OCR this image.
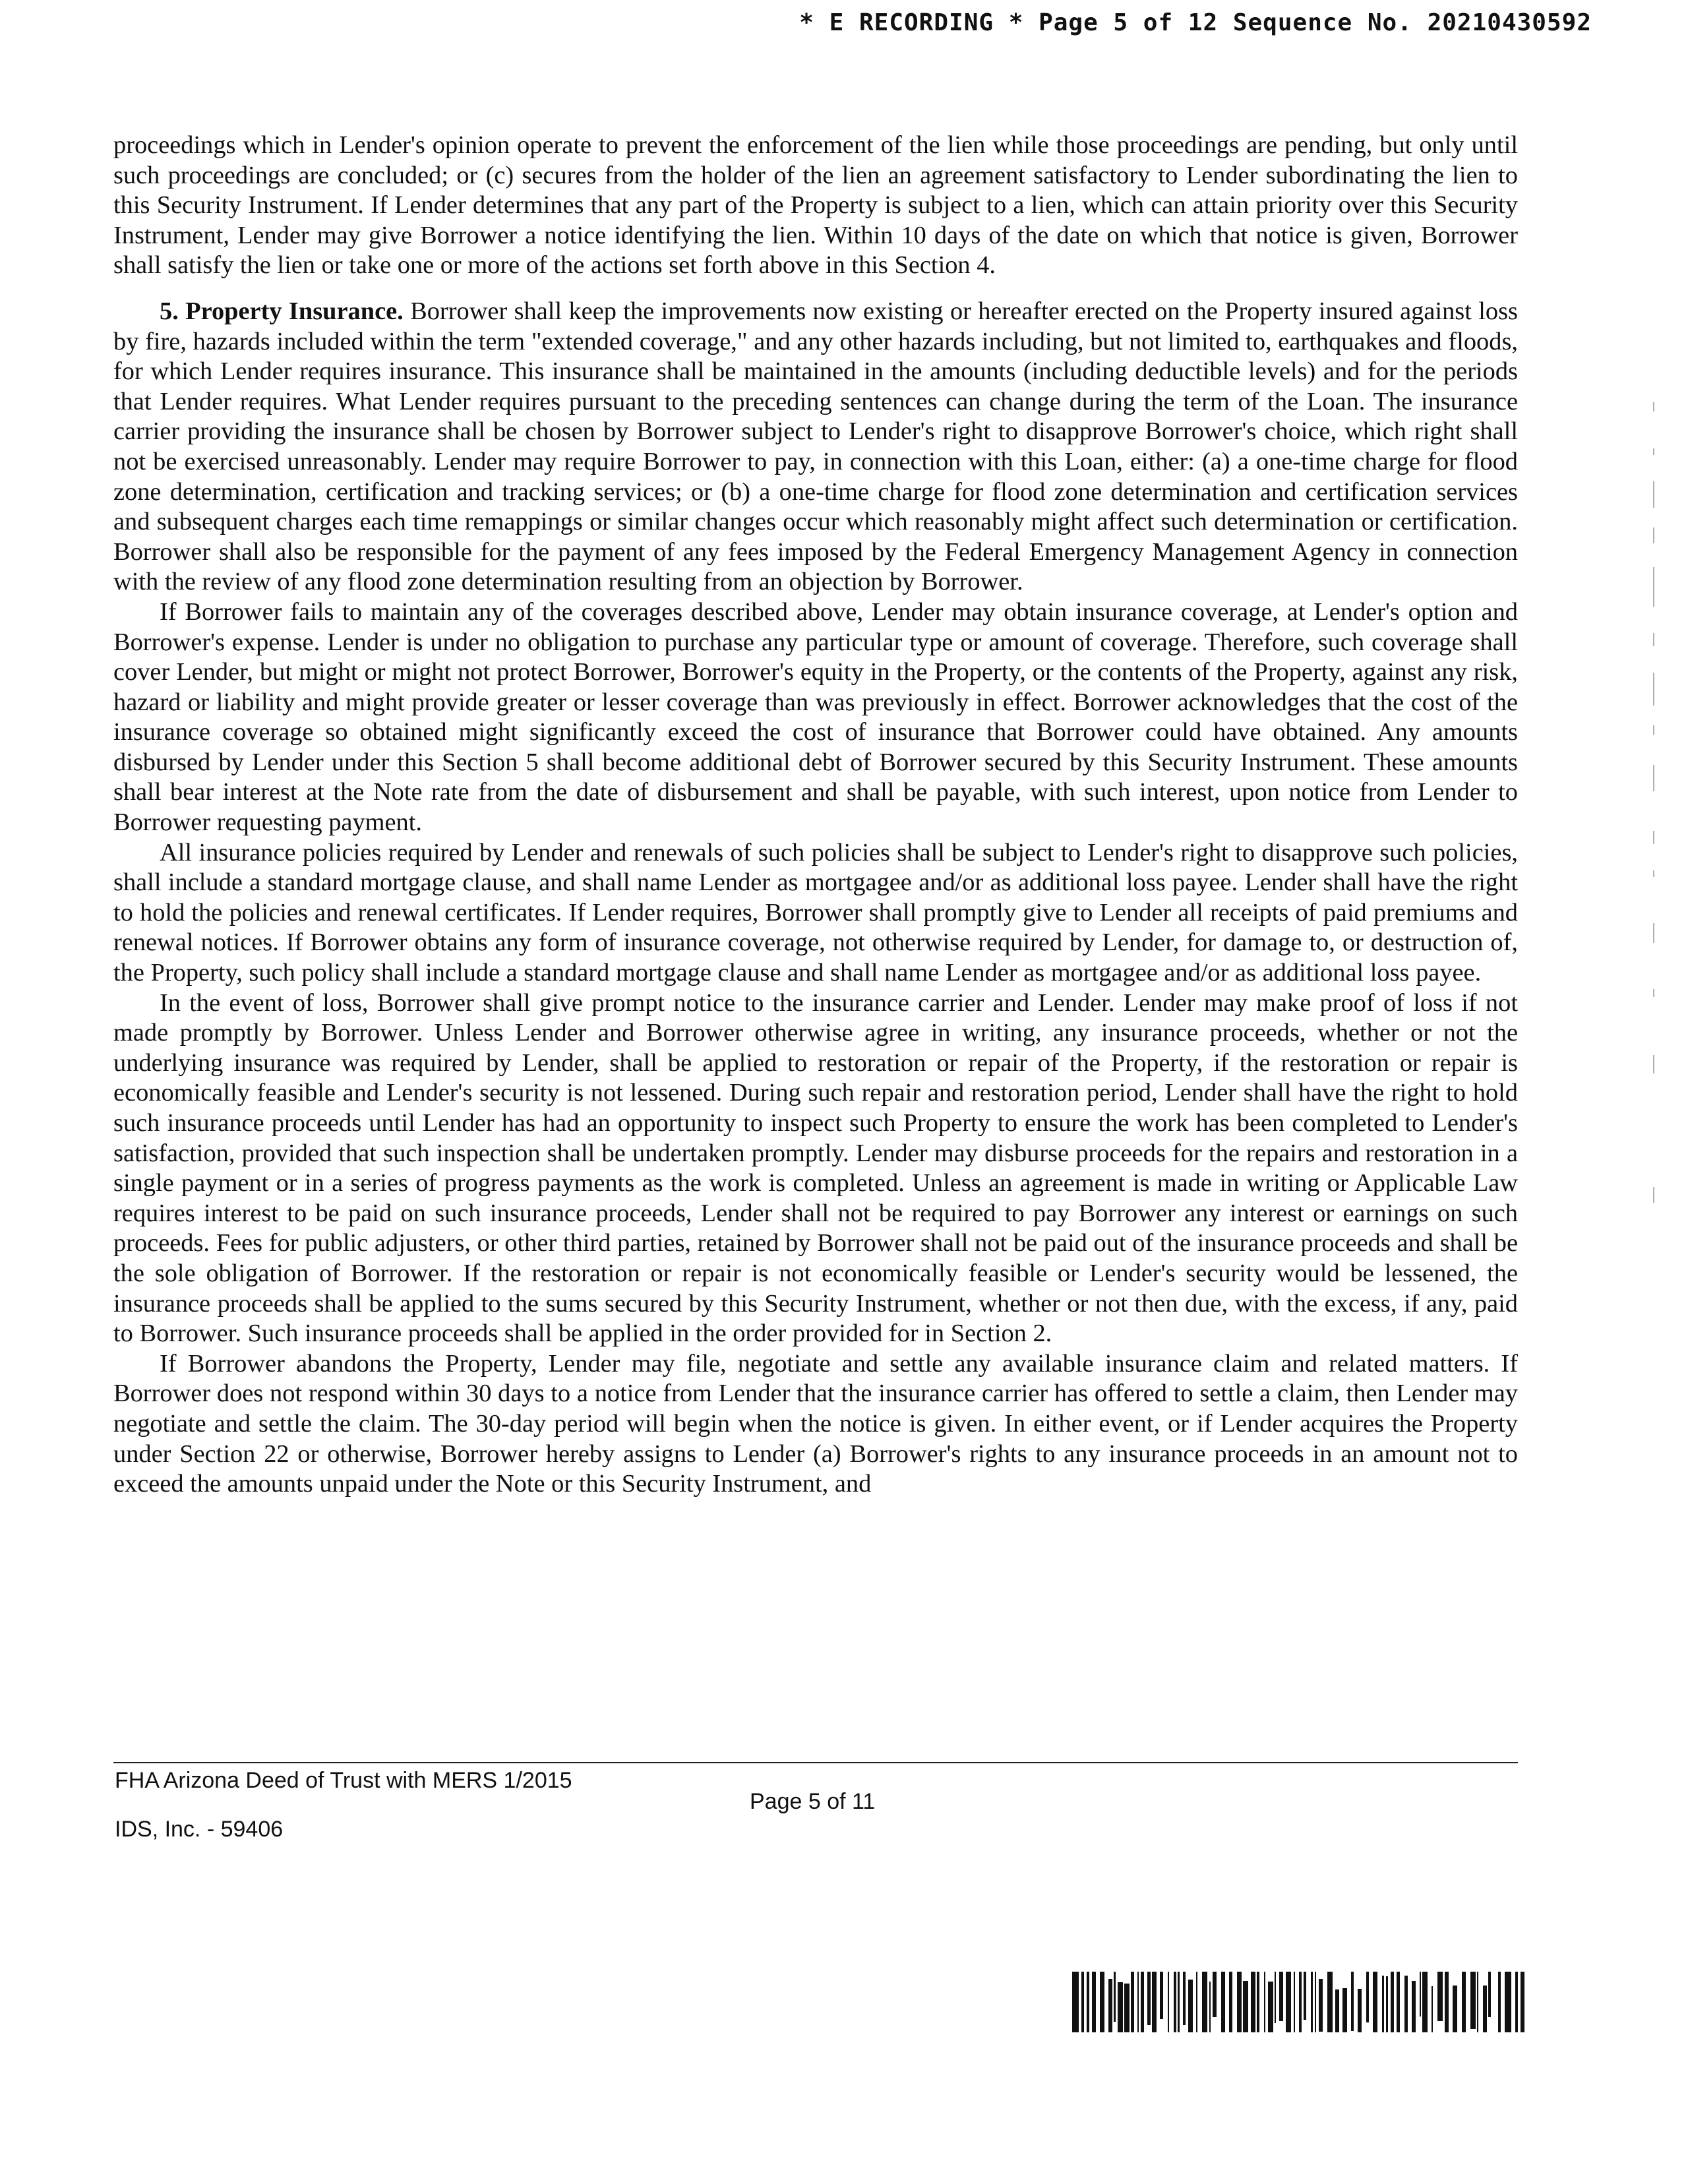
* E RECORDING * Page 5 of 12 Sequence No. 20210430592

proceedings which in Lender's opinion operate to prevent the enforcement of the lien while those proceedings are pending, but only until such proceedings are concluded; or (c) secures from the holder of the lien an agreement satisfactory to Lender subordinating the lien to this Security Instrument. If Lender determines that any part of the Property is subject to a lien, which can attain priority over this Security Instrument, Lender may give Borrower a notice identifying the lien. Within 10 days of the date on which that notice is given, Borrower shall satisfy the lien or take one or more of the actions set forth above in this Section 4.

5. Property Insurance. Borrower shall keep the improvements now existing or hereafter erected on the Property insured against loss by fire, hazards included within the term "extended coverage," and any other hazards including, but not limited to, earthquakes and floods, for which Lender requires insurance. This insurance shall be maintained in the amounts (including deductible levels) and for the periods that Lender requires. What Lender requires pursuant to the preceding sentences can change during the term of the Loan. The insurance carrier providing the insurance shall be chosen by Borrower subject to Lender's right to disapprove Borrower's choice, which right shall not be exercised unreasonably. Lender may require Borrower to pay, in connection with this Loan, either: (a) a one-time charge for flood zone determination, certification and tracking services; or (b) a one-time charge for flood zone determination and certification services and subsequent charges each time remappings or similar changes occur which reasonably might affect such determination or certification. Borrower shall also be responsible for the payment of any fees imposed by the Federal Emergency Management Agency in connection with the review of any flood zone determination resulting from an objection by Borrower.

If Borrower fails to maintain any of the coverages described above, Lender may obtain insurance coverage, at Lender's option and Borrower's expense. Lender is under no obligation to purchase any particular type or amount of coverage. Therefore, such coverage shall cover Lender, but might or might not protect Borrower, Borrower's equity in the Property, or the contents of the Property, against any risk, hazard or liability and might provide greater or lesser coverage than was previously in effect. Borrower acknowledges that the cost of the insurance coverage so obtained might significantly exceed the cost of insurance that Borrower could have obtained. Any amounts disbursed by Lender under this Section 5 shall become additional debt of Borrower secured by this Security Instrument. These amounts shall bear interest at the Note rate from the date of disbursement and shall be payable, with such interest, upon notice from Lender to Borrower requesting payment.

All insurance policies required by Lender and renewals of such policies shall be subject to Lender's right to disapprove such policies, shall include a standard mortgage clause, and shall name Lender as mortgagee and/or as additional loss payee. Lender shall have the right to hold the policies and renewal certificates. If Lender requires, Borrower shall promptly give to Lender all receipts of paid premiums and renewal notices. If Borrower obtains any form of insurance coverage, not otherwise required by Lender, for damage to, or destruction of, the Property, such policy shall include a standard mortgage clause and shall name Lender as mortgagee and/or as additional loss payee.

In the event of loss, Borrower shall give prompt notice to the insurance carrier and Lender. Lender may make proof of loss if not made promptly by Borrower. Unless Lender and Borrower otherwise agree in writing, any insurance proceeds, whether or not the underlying insurance was required by Lender, shall be applied to restoration or repair of the Property, if the restoration or repair is economically feasible and Lender's security is not lessened. During such repair and restoration period, Lender shall have the right to hold such insurance proceeds until Lender has had an opportunity to inspect such Property to ensure the work has been completed to Lender's satisfaction, provided that such inspection shall be undertaken promptly. Lender may disburse proceeds for the repairs and restoration in a single payment or in a series of progress payments as the work is completed. Unless an agreement is made in writing or Applicable Law requires interest to be paid on such insurance proceeds, Lender shall not be required to pay Borrower any interest or earnings on such proceeds. Fees for public adjusters, or other third parties, retained by Borrower shall not be paid out of the insurance proceeds and shall be the sole obligation of Borrower. If the restoration or repair is not economically feasible or Lender's security would be lessened, the insurance proceeds shall be applied to the sums secured by this Security Instrument, whether or not then due, with the excess, if any, paid to Borrower. Such insurance proceeds shall be applied in the order provided for in Section 2.

If Borrower abandons the Property, Lender may file, negotiate and settle any available insurance claim and related matters. If Borrower does not respond within 30 days to a notice from Lender that the insurance carrier has offered to settle a claim, then Lender may negotiate and settle the claim. The 30-day period will begin when the notice is given. In either event, or if Lender acquires the Property under Section 22 or otherwise, Borrower hereby assigns to Lender (a) Borrower's rights to any insurance proceeds in an amount not to exceed the amounts unpaid under the Note or this Security Instrument, and

FHA Arizona Deed of Trust with MERS 1/2015
Page 5 of 11
IDS, Inc. - 59406
